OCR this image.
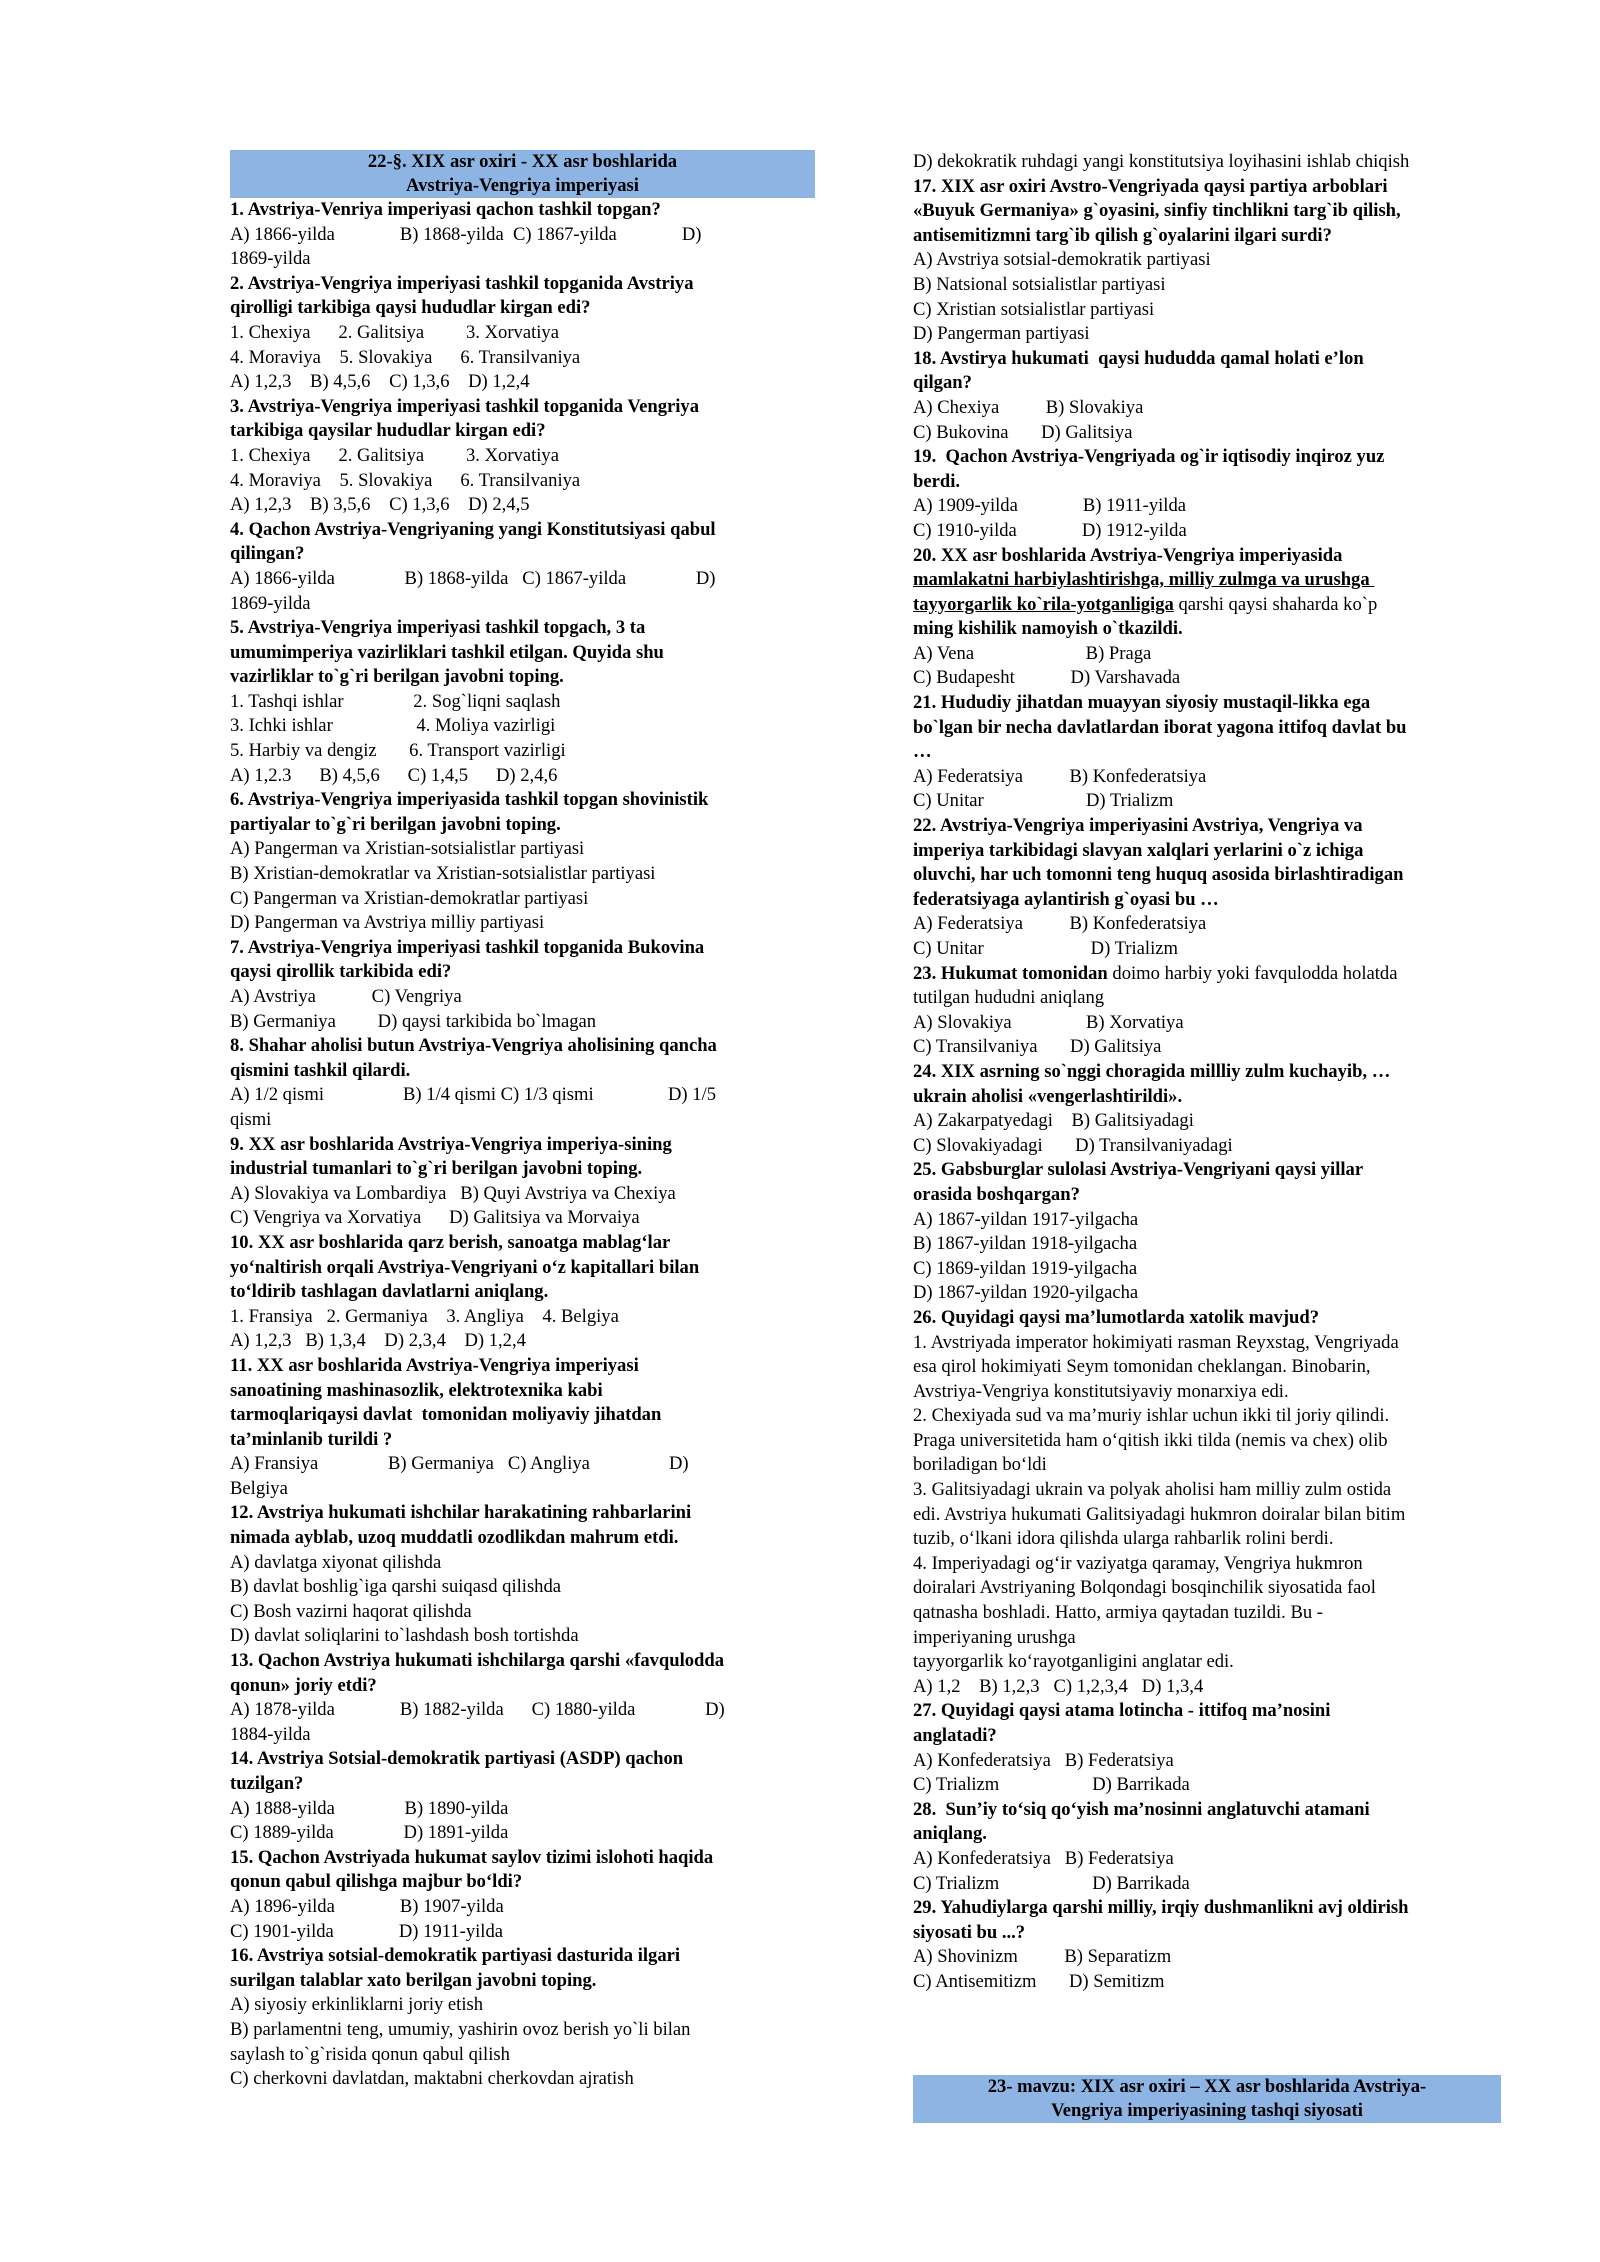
22-§. XIX asr oxiri - XX asr boshlarida
Avstriya-Vengriya imperiyasi

1. Avstriya-Venriya imperiyasi qachon tashkil topgan?

A) 1866-yilda              B) 1868-yilda  C) 1867-yilda              D)

1869-yilda

2. Avstriya-Vengriya imperiyasi tashkil topganida Avstriya

qirolligi tarkibiga qaysi hududlar kirgan edi?

1. Chexiya      2. Galitsiya         3. Xorvatiya

4. Moraviya    5. Slovakiya      6. Transilvaniya

A) 1,2,3    B) 4,5,6    C) 1,3,6    D) 1,2,4

3. Avstriya-Vengriya imperiyasi tashkil topganida Vengriya

tarkibiga qaysilar hududlar kirgan edi?

1. Chexiya      2. Galitsiya         3. Xorvatiya

4. Moraviya    5. Slovakiya      6. Transilvaniya

A) 1,2,3    B) 3,5,6    C) 1,3,6    D) 2,4,5

4. Qachon Avstriya-Vengriyaning yangi Konstitutsiyasi qabul

qilingan?

A) 1866-yilda               B) 1868-yilda   C) 1867-yilda               D)

1869-yilda

5. Avstriya-Vengriya imperiyasi tashkil topgach, 3 ta

umumimperiya vazirliklari tashkil etilgan. Quyida shu

vazirliklar to`g`ri berilgan javobni toping.

1. Tashqi ishlar               2. Sog`liqni saqlash

3. Ichki ishlar                  4. Moliya vazirligi

5. Harbiy va dengiz       6. Transport vazirligi

A) 1,2.3      B) 4,5,6      C) 1,4,5      D) 2,4,6

6. Avstriya-Vengriya imperiyasida tashkil topgan shovinistik

partiyalar to`g`ri berilgan javobni toping.

A) Pangerman va Xristian-sotsialistlar partiyasi

B) Xristian-demokratlar va Xristian-sotsialistlar partiyasi

C) Pangerman va Xristian-demokratlar partiyasi

D) Pangerman va Avstriya milliy partiyasi

7. Avstriya-Vengriya imperiyasi tashkil topganida Bukovina

qaysi qirollik tarkibida edi?

A) Avstriya            C) Vengriya

B) Germaniya         D) qaysi tarkibida bo`lmagan

8. Shahar aholisi butun Avstriya-Vengriya aholisining qancha

qismini tashkil qilardi.

A) 1/2 qismi                 B) 1/4 qismi C) 1/3 qismi                D) 1/5

qismi

9. XX asr boshlarida Avstriya-Vengriya imperiya-sining

industrial tumanlari to`g`ri berilgan javobni toping.

A) Slovakiya va Lombardiya   B) Quyi Avstriya va Chexiya

C) Vengriya va Xorvatiya      D) Galitsiya va Morvaiya

10. XX asr boshlarida qarz berish, sanoatga mablag‘lar

yo‘naltirish orqali Avstriya-Vengriyani o‘z kapitallari bilan

to‘ldirib tashlagan davlatlarni aniqlang.

1. Fransiya   2. Germaniya    3. Angliya    4. Belgiya

A) 1,2,3   B) 1,3,4    D) 2,3,4    D) 1,2,4

11. XX asr boshlarida Avstriya-Vengriya imperiyasi

sanoatining mashinasozlik, elektrotexnika kabi

tarmoqlariqaysi davlat  tomonidan moliyaviy jihatdan

ta’minlanib turildi ?

A) Fransiya               B) Germaniya   C) Angliya                 D)

Belgiya

12. Avstriya hukumati ishchilar harakatining rahbarlarini

nimada ayblab, uzoq muddatli ozodlikdan mahrum etdi.

A) davlatga xiyonat qilishda

B) davlat boshlig`iga qarshi suiqasd qilishda

C) Bosh vazirni haqorat qilishda

D) davlat soliqlarini to`lashdash bosh tortishda

13. Qachon Avstriya hukumati ishchilarga qarshi «favqulodda

qonun» joriy etdi?

A) 1878-yilda              B) 1882-yilda      C) 1880-yilda               D)

1884-yilda

14. Avstriya Sotsial-demokratik partiyasi (ASDP) qachon

tuzilgan?

A) 1888-yilda               B) 1890-yilda

C) 1889-yilda               D) 1891-yilda

15. Qachon Avstriyada hukumat saylov tizimi islohoti haqida

qonun qabul qilishga majbur bo‘ldi?

A) 1896-yilda              B) 1907-yilda

C) 1901-yilda              D) 1911-yilda

16. Avstriya sotsial-demokratik partiyasi dasturida ilgari

surilgan talablar xato berilgan javobni toping.

A) siyosiy erkinliklarni joriy etish

B) parlamentni teng, umumiy, yashirin ovoz berish yo`li bilan

saylash to`g`risida qonun qabul qilish

C) cherkovni davlatdan, maktabni cherkovdan ajratish

D) dekokratik ruhdagi yangi konstitutsiya loyihasini ishlab chiqish

17. XIX asr oxiri Avstro-Vengriyada qaysi partiya arboblari

«Buyuk Germaniya» g`oyasini, sinfiy tinchlikni targ`ib qilish,

antisemitizmni targ`ib qilish g`oyalarini ilgari surdi?

A) Avstriya sotsial-demokratik partiyasi

B) Natsional sotsialistlar partiyasi

C) Xristian sotsialistlar partiyasi

D) Pangerman partiyasi

18. Avstirya hukumati  qaysi hududda qamal holati e’lon

qilgan?

A) Chexiya          B) Slovakiya

C) Bukovina       D) Galitsiya

19.  Qachon Avstriya-Vengriyada og`ir iqtisodiy inqiroz yuz

berdi.

A) 1909-yilda              B) 1911-yilda

C) 1910-yilda              D) 1912-yilda

20. XX asr boshlarida Avstriya-Vengriya imperiyasida

mamlakatni harbiylashtirishga, milliy zulmga va urushga

tayyorgarlik ko`rila-yotganligiga qarshi qaysi shaharda ko`p

ming kishilik namoyish o`tkazildi.

A) Vena                        B) Praga

C) Budapesht            D) Varshavada

21. Hududiy jihatdan muayyan siyosiy mustaqil-likka ega

bo`lgan bir necha davlatlardan iborat yagona ittifoq davlat bu

…

A) Federatsiya          B) Konfederatsiya

C) Unitar                      D) Trializm

22. Avstriya-Vengriya imperiyasini Avstriya, Vengriya va

imperiya tarkibidagi slavyan xalqlari yerlarini o`z ichiga

oluvchi, har uch tomonni teng huquq asosida birlashtiradigan

federatsiyaga aylantirish g`oyasi bu …

A) Federatsiya          B) Konfederatsiya

C) Unitar                       D) Trializm

23. Hukumat tomonidan doimo harbiy yoki favqulodda holatda

tutilgan hududni aniqlang

A) Slovakiya                B) Xorvatiya

C) Transilvaniya       D) Galitsiya

24. XIX asrning so`nggi choragida millliy zulm kuchayib, …

ukrain aholisi «vengerlashtirildi».

A) Zakarpatyedagi    B) Galitsiyadagi

C) Slovakiyadagi       D) Transilvaniyadagi

25. Gabsburglar sulolasi Avstriya-Vengriyani qaysi yillar

orasida boshqargan?

A) 1867-yildan 1917-yilgacha

B) 1867-yildan 1918-yilgacha

C) 1869-yildan 1919-yilgacha

D) 1867-yildan 1920-yilgacha

26. Quyidagi qaysi ma’lumotlarda xatolik mavjud?

1. Avstriyada imperator hokimiyati rasman Reyxstag, Vengriyada

esa qirol hokimiyati Seym tomonidan cheklangan. Binobarin,

Avstriya-Vengriya konstitutsiyaviy monarxiya edi.

2. Chexiyada sud va ma’muriy ishlar uchun ikki til joriy qilindi.

Praga universitetida ham o‘qitish ikki tilda (nemis va chex) olib

boriladigan bo‘ldi

3. Galitsiyadagi ukrain va polyak aholisi ham milliy zulm ostida

edi. Avstriya hukumati Galitsiyadagi hukmron doiralar bilan bitim

tuzib, o‘lkani idora qilishda ularga rahbarlik rolini berdi.

4. Imperiyadagi og‘ir vaziyatga qaramay, Vengriya hukmron

doiralari Avstriyaning Bolqondagi bosqinchilik siyosatida faol

qatnasha boshladi. Hatto, armiya qaytadan tuzildi. Bu -

imperiyaning urushga

tayyorgarlik ko‘rayotganligini anglatar edi.

A) 1,2    B) 1,2,3   C) 1,2,3,4   D) 1,3,4

27. Quyidagi qaysi atama lotincha - ittifoq ma’nosini

anglatadi?

A) Konfederatsiya   B) Federatsiya

C) Trializm                    D) Barrikada

28.  Sun’iy to‘siq qo‘yish ma’nosinni anglatuvchi atamani

aniqlang.

A) Konfederatsiya   B) Federatsiya

C) Trializm                    D) Barrikada

29. Yahudiylarga qarshi milliy, irqiy dushmanlikni avj oldirish

siyosati bu ...?

A) Shovinizm          B) Separatizm

C) Antisemitizm       D) Semitizm

23- mavzu: XIX asr oxiri – XX asr boshlarida Avstriya-
Vengriya imperiyasining tashqi siyosati
